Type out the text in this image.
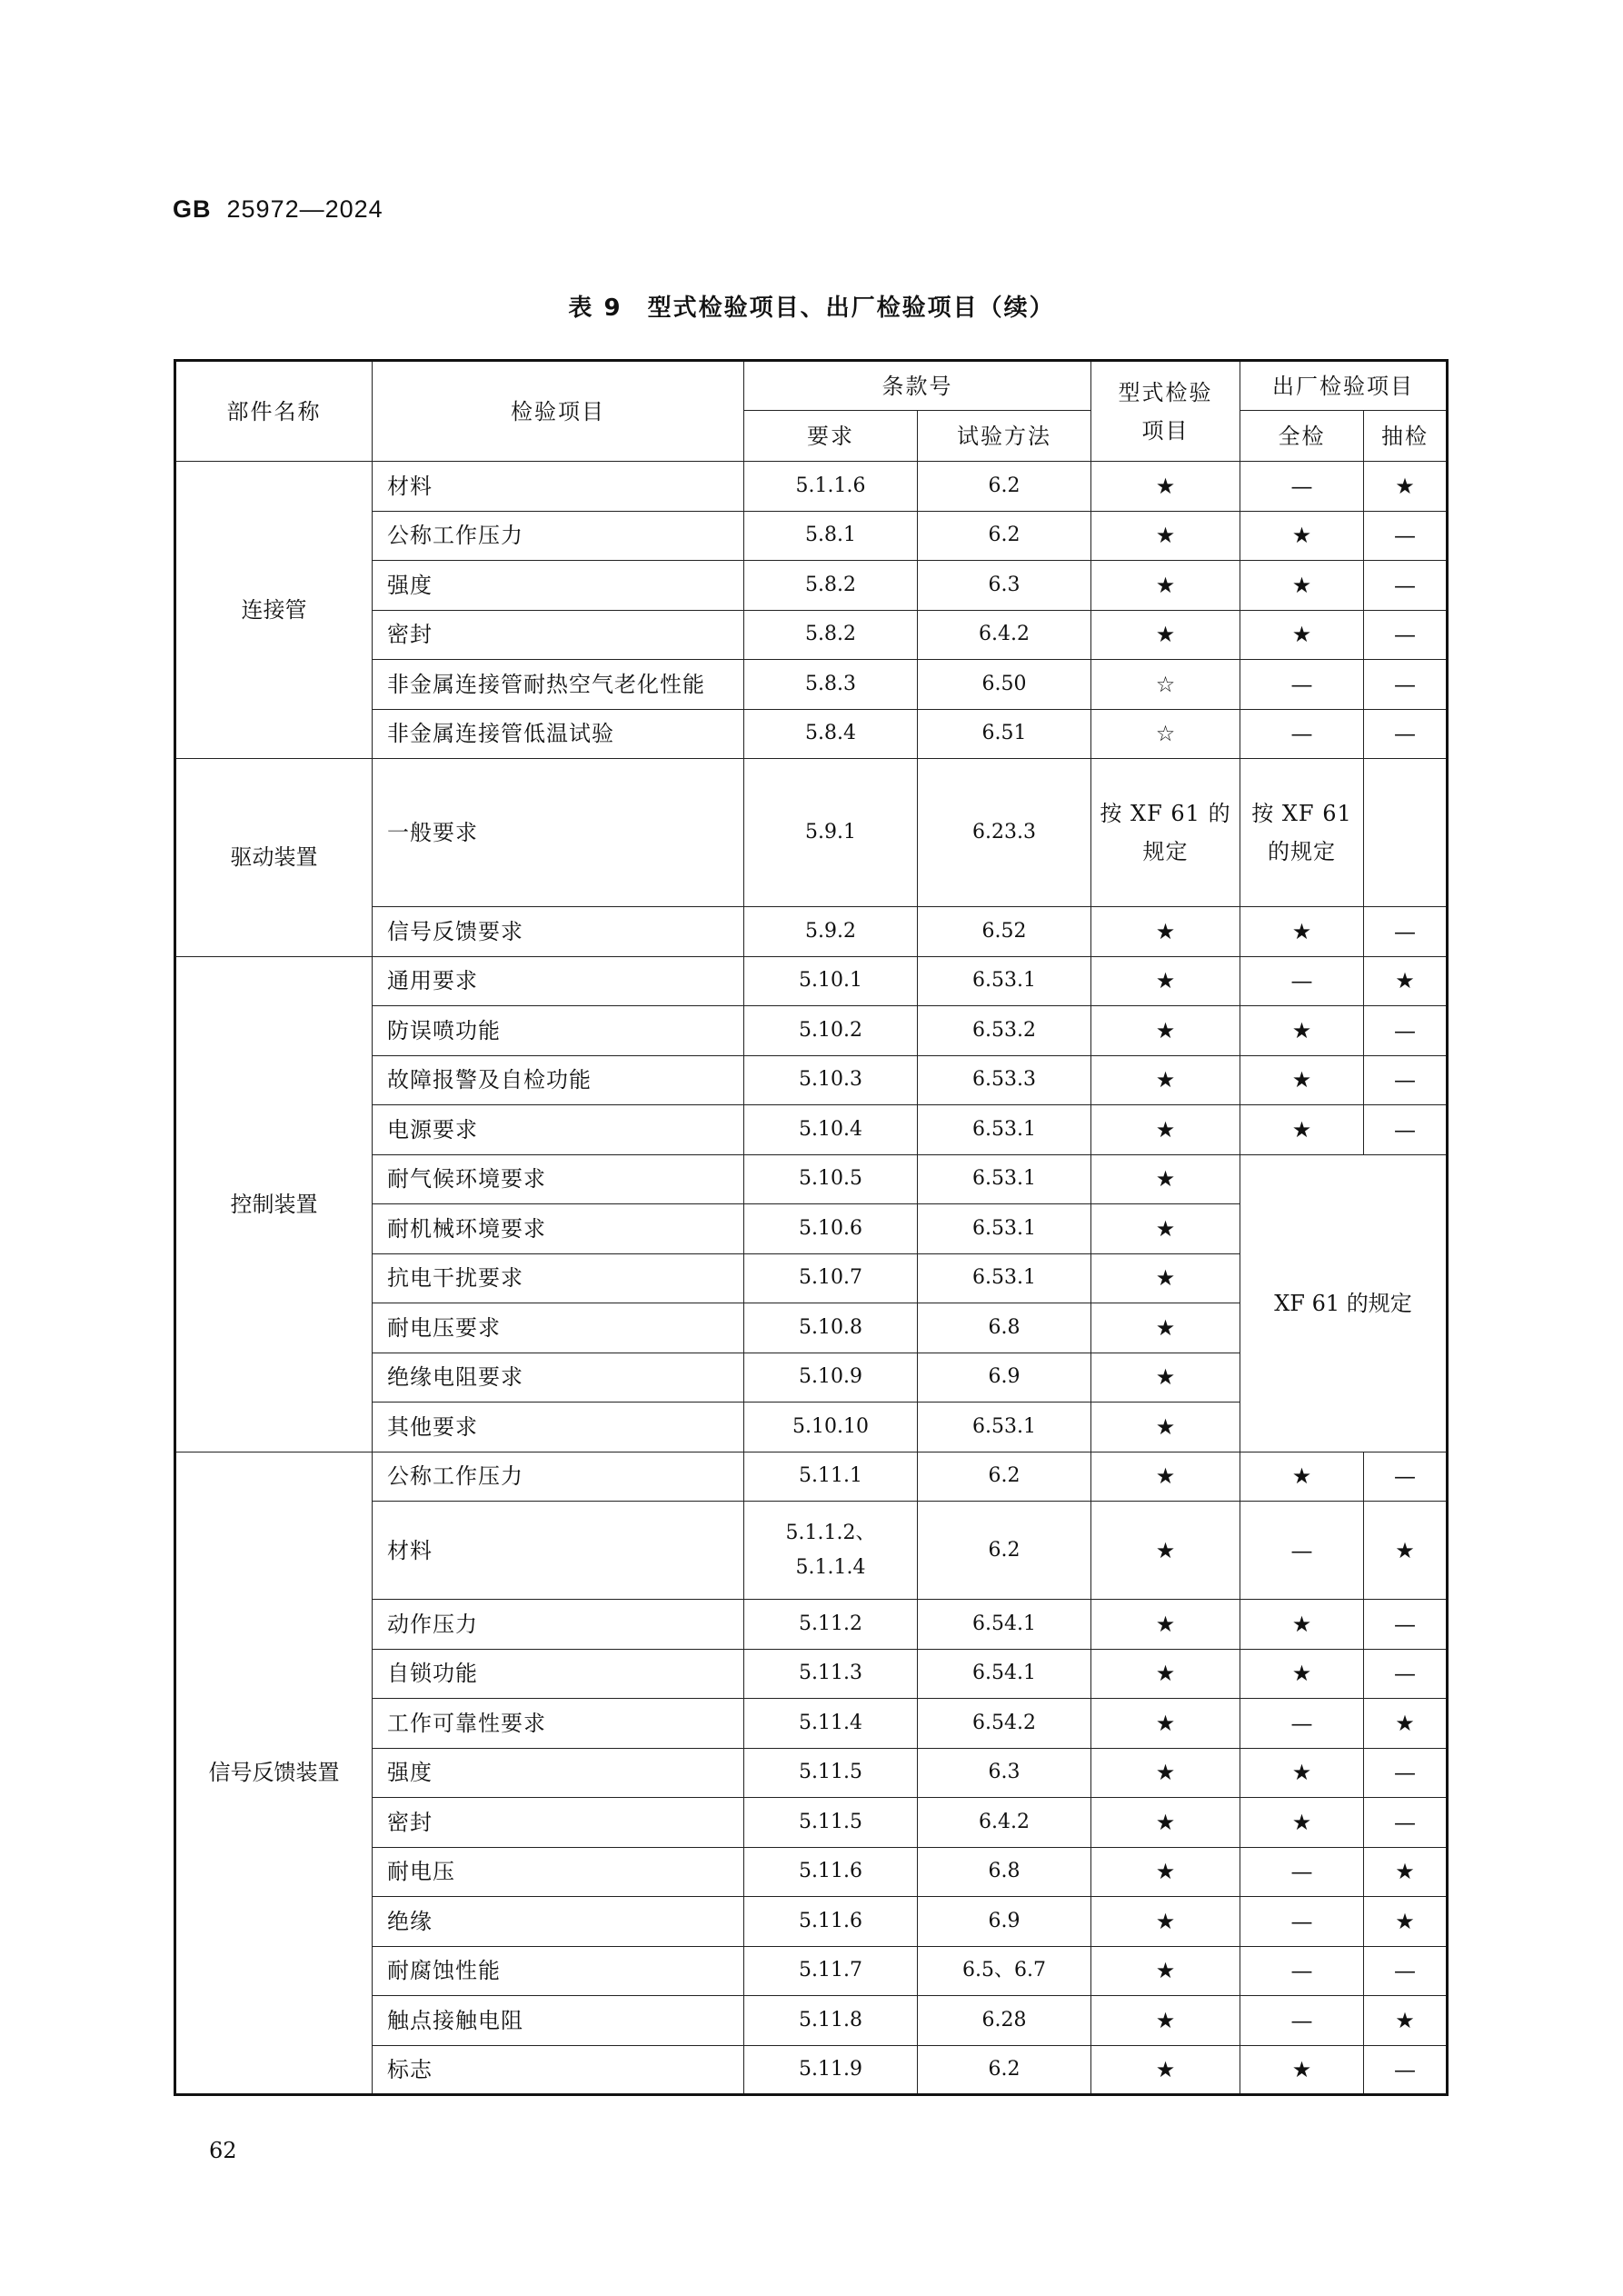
GB 25972—2024
表 9　型式检验项目、出厂检验项目（续）
部件名称	检验项目	条款号		型式检验项目	出厂检验项目	
		要求	试验方法		全检	抽检
连接管	材料	5.1.1.6	6.2	★	—	★
	公称工作压力	5.8.1	6.2	★	★	—
	强度	5.8.2	6.3	★	★	—
	密封	5.8.2	6.4.2	★	★	—
	非金属连接管耐热空气老化性能	5.8.3	6.50	☆	—	—
	非金属连接管低温试验	5.8.4	6.51	☆	—	—
驱动装置	一般要求	5.9.1	6.23.3	按 XF 61 的规定	按 XF 61 的规定	
	信号反馈要求	5.9.2	6.52	★	★	—
控制装置	通用要求	5.10.1	6.53.1	★	—	★
	防误喷功能	5.10.2	6.53.2	★	★	—
	故障报警及自检功能	5.10.3	6.53.3	★	★	—
	电源要求	5.10.4	6.53.1	★	★	—
	耐气候环境要求	5.10.5	6.53.1	★	XF 61 的规定	
	耐机械环境要求	5.10.6	6.53.1	★		
	抗电干扰要求	5.10.7	6.53.1	★		
	耐电压要求	5.10.8	6.8	★		
	绝缘电阻要求	5.10.9	6.9	★		
	其他要求	5.10.10	6.53.1	★		
信号反馈装置	公称工作压力	5.11.1	6.2	★	★	—
	材料	5.1.1.2、5.1.1.4	6.2	★	—	★
	动作压力	5.11.2	6.54.1	★	★	—
	自锁功能	5.11.3	6.54.1	★	★	—
	工作可靠性要求	5.11.4	6.54.2	★	—	★
	强度	5.11.5	6.3	★	★	—
	密封	5.11.5	6.4.2	★	★	—
	耐电压	5.11.6	6.8	★	—	★
	绝缘	5.11.6	6.9	★	—	★
	耐腐蚀性能	5.11.7	6.5、6.7	★	—	—
	触点接触电阻	5.11.8	6.28	★	—	★
	标志	5.11.9	6.2	★	★	—
62
